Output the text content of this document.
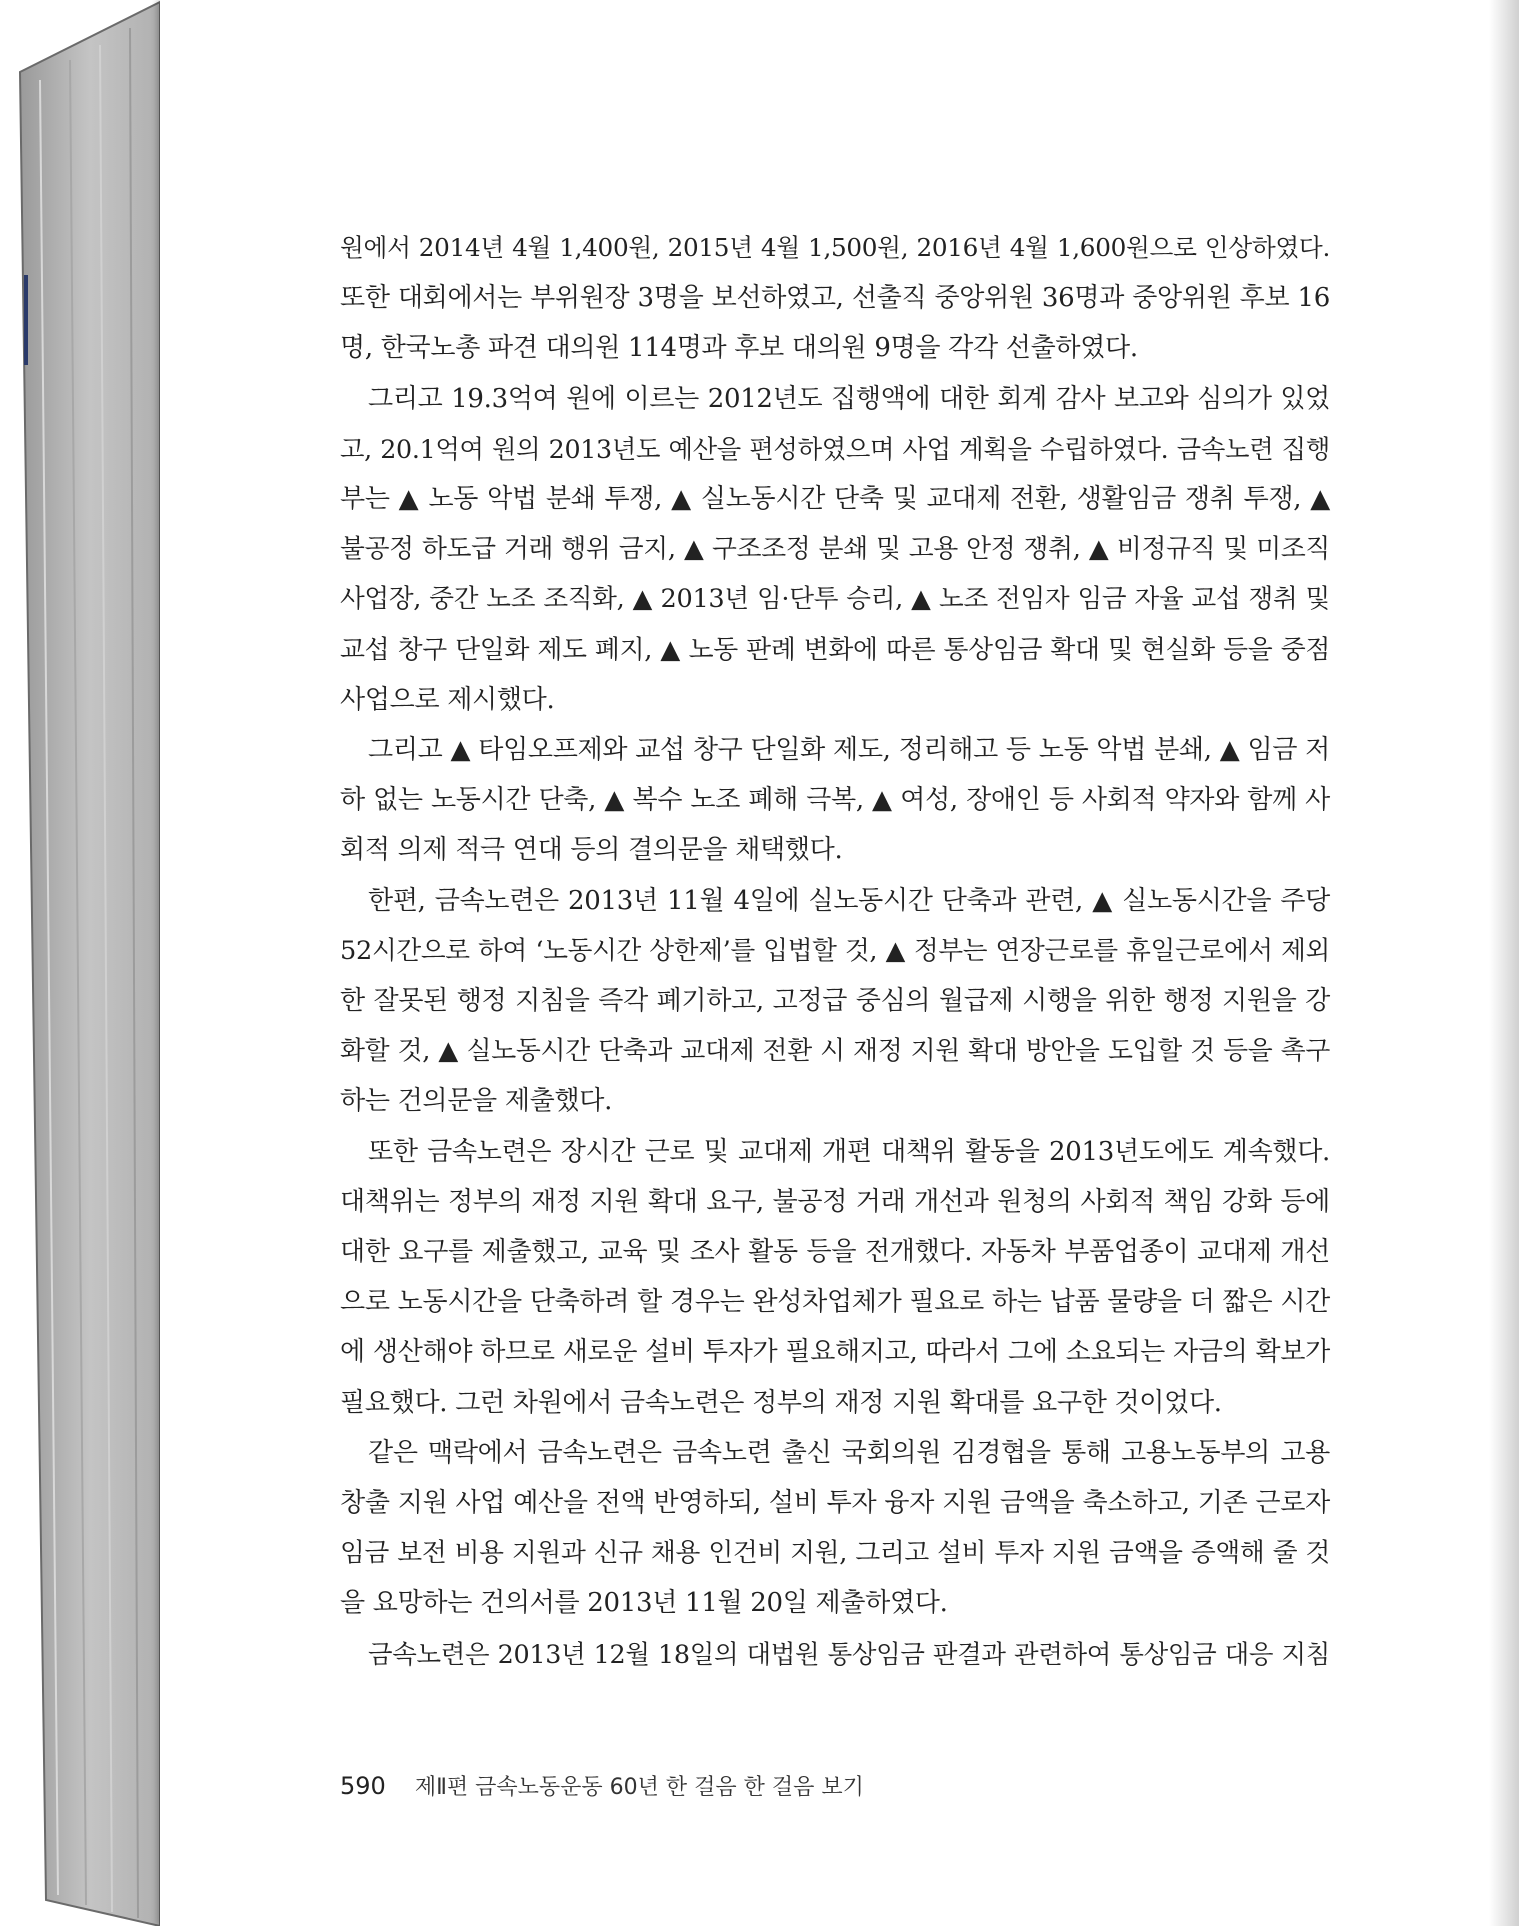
원에서 2014년 4월 1,400원, 2015년 4월 1,500원, 2016년 4월 1,600원으로 인상하였다.
또한 대회에서는 부위원장 3명을 보선하였고, 선출직 중앙위원 36명과 중앙위원 후보 16
명, 한국노총 파견 대의원 114명과 후보 대의원 9명을 각각 선출하였다.
그리고 19.3억여 원에 이르는 2012년도 집행액에 대한 회계 감사 보고와 심의가 있었
고, 20.1억여 원의 2013년도 예산을 편성하였으며 사업 계획을 수립하였다. 금속노련 집행
부는 ▲ 노동 악법 분쇄 투쟁, ▲ 실노동시간 단축 및 교대제 전환, 생활임금 쟁취 투쟁, ▲
불공정 하도급 거래 행위 금지, ▲ 구조조정 분쇄 및 고용 안정 쟁취, ▲ 비정규직 및 미조직
사업장, 중간 노조 조직화, ▲ 2013년 임·단투 승리, ▲ 노조 전임자 임금 자율 교섭 쟁취 및
교섭 창구 단일화 제도 폐지, ▲ 노동 판례 변화에 따른 통상임금 확대 및 현실화 등을 중점
사업으로 제시했다.
그리고 ▲ 타임오프제와 교섭 창구 단일화 제도, 정리해고 등 노동 악법 분쇄, ▲ 임금 저
하 없는 노동시간 단축, ▲ 복수 노조 폐해 극복, ▲ 여성, 장애인 등 사회적 약자와 함께 사
회적 의제 적극 연대 등의 결의문을 채택했다.
한편, 금속노련은 2013년 11월 4일에 실노동시간 단축과 관련, ▲ 실노동시간을 주당
52시간으로 하여 ‘노동시간 상한제’를 입법할 것, ▲ 정부는 연장근로를 휴일근로에서 제외
한 잘못된 행정 지침을 즉각 폐기하고, 고정급 중심의 월급제 시행을 위한 행정 지원을 강
화할 것, ▲ 실노동시간 단축과 교대제 전환 시 재정 지원 확대 방안을 도입할 것 등을 촉구
하는 건의문을 제출했다.
또한 금속노련은 장시간 근로 및 교대제 개편 대책위 활동을 2013년도에도 계속했다.
대책위는 정부의 재정 지원 확대 요구, 불공정 거래 개선과 원청의 사회적 책임 강화 등에
대한 요구를 제출했고, 교육 및 조사 활동 등을 전개했다. 자동차 부품업종이 교대제 개선
으로 노동시간을 단축하려 할 경우는 완성차업체가 필요로 하는 납품 물량을 더 짧은 시간
에 생산해야 하므로 새로운 설비 투자가 필요해지고, 따라서 그에 소요되는 자금의 확보가
필요했다. 그런 차원에서 금속노련은 정부의 재정 지원 확대를 요구한 것이었다.
같은 맥락에서 금속노련은 금속노련 출신 국회의원 김경협을 통해 고용노동부의 고용
창출 지원 사업 예산을 전액 반영하되, 설비 투자 융자 지원 금액을 축소하고, 기존 근로자
임금 보전 비용 지원과 신규 채용 인건비 지원, 그리고 설비 투자 지원 금액을 증액해 줄 것
을 요망하는 건의서를 2013년 11월 20일 제출하였다.
금속노련은 2013년 12월 18일의 대법원 통상임금 판결과 관련하여 통상임금 대응 지침
590 제Ⅱ편 금속노동운동 60년 한 걸음 한 걸음 보기
